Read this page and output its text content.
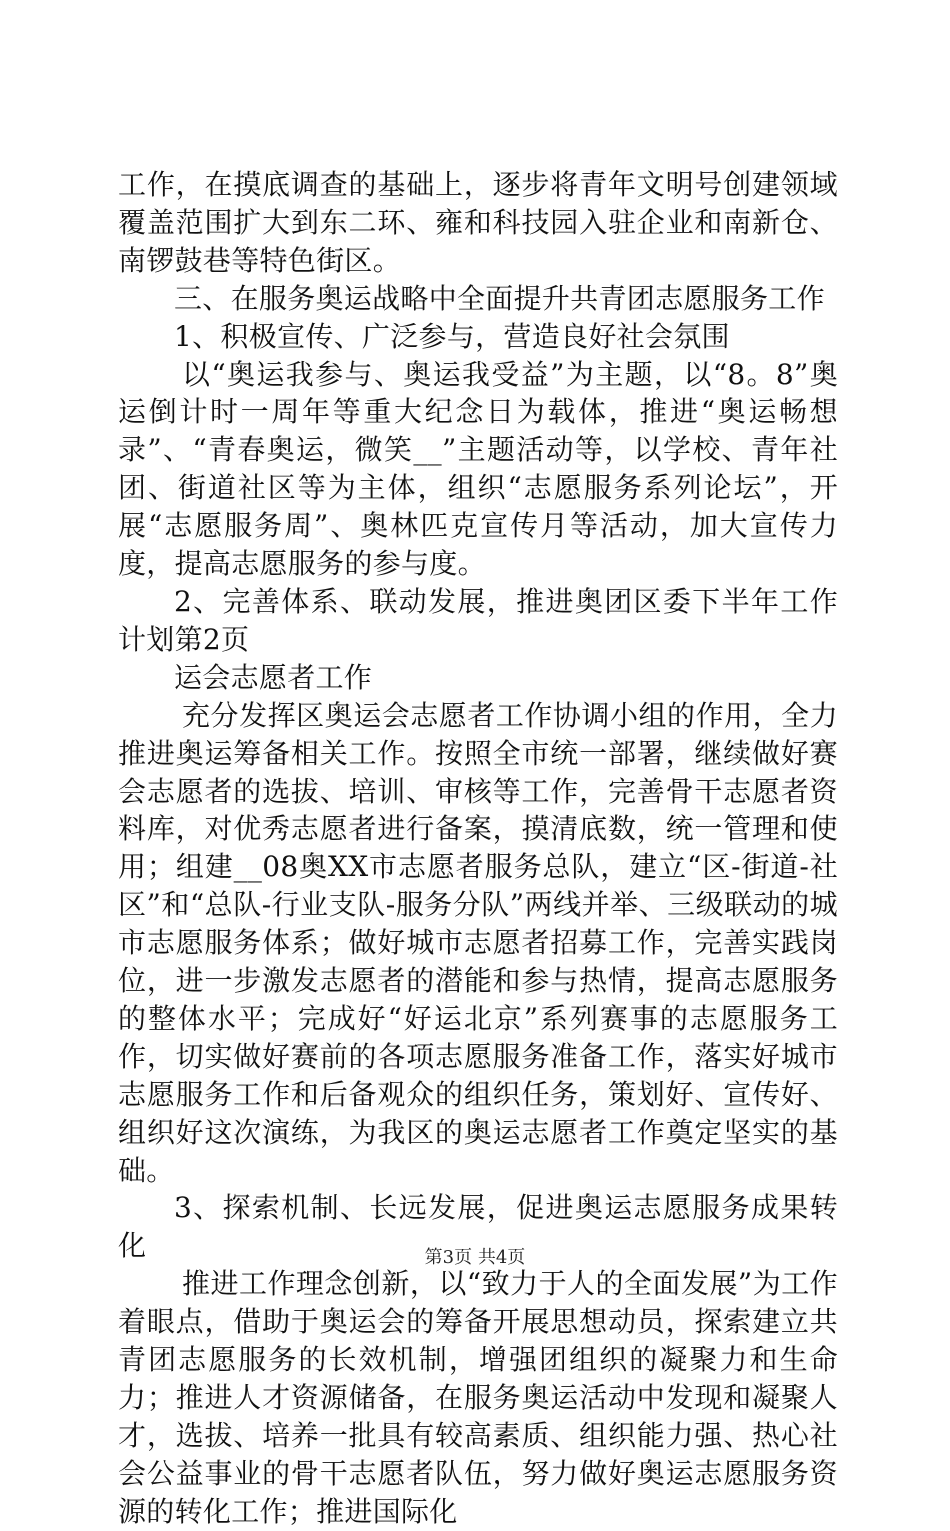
工作，在摸底调查的基础上，逐步将青年文明号创建领域覆盖范围扩大到东二环、雍和科技园入驻企业和南新仓、南锣鼓巷等特色街区。

三、在服务奥运战略中全面提升共青团志愿服务工作

1、积极宣传、广泛参与，营造良好社会氛围

以“奥运我参与、奥运我受益”为主题，以“8。8”奥运倒计时一周年等重大纪念日为载体，推进“奥运畅想录”、“青春奥运，微笑__”主题活动等，以学校、青年社团、街道社区等为主体，组织“志愿服务系列论坛”，开展“志愿服务周”、奥林匹克宣传月等活动，加大宣传力度，提高志愿服务的参与度。

2、完善体系、联动发展，推进奥团区委下半年工作计划第2页

运会志愿者工作

充分发挥区奥运会志愿者工作协调小组的作用，全力推进奥运筹备相关工作。按照全市统一部署，继续做好赛会志愿者的选拔、培训、审核等工作，完善骨干志愿者资料库，对优秀志愿者进行备案，摸清底数，统一管理和使用；组建__08奥XX市志愿者服务总队，建立“区-街道-社区”和“总队-行业支队-服务分队”两线并举、三级联动的城市志愿服务体系；做好城市志愿者招募工作，完善实践岗位，进一步激发志愿者的潜能和参与热情，提高志愿服务的整体水平；完成好“好运北京”系列赛事的志愿服务工作，切实做好赛前的各项志愿服务准备工作，落实好城市志愿服务工作和后备观众的组织任务，策划好、宣传好、组织好这次演练，为我区的奥运志愿者工作奠定坚实的基础。

3、探索机制、长远发展，促进奥运志愿服务成果转化

推进工作理念创新，以“致力于人的全面发展”为工作着眼点，借助于奥运会的筹备开展思想动员，探索建立共青团志愿服务的长效机制，增强团组织的凝聚力和生命力；推进人才资源储备，在服务奥运活动中发现和凝聚人才，选拔、培养一批具有较高素质、组织能力强、热心社会公益事业的骨干志愿者队伍，努力做好奥运志愿服务资源的转化工作；推进国际化

第3页 共4页
